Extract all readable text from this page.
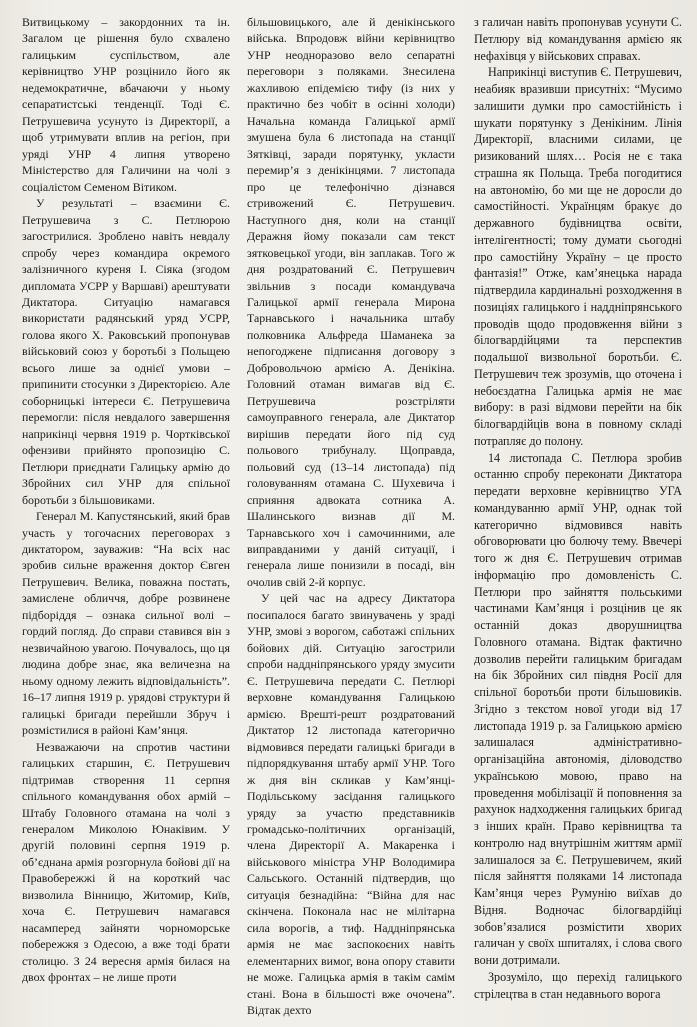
Витвицькому – закордонних та ін. Загалом це рішення було схвалено галицьким суспільством, але керівництво УНР розцінило його як недемократичне, вбачаючи у ньому сепаратистські тенденції. Тоді Є. Петрушевича усунуто із Директорії, а щоб утримувати вплив на регіон, при уряді УНР 4 липня утворено Міністерство для Галичини на чолі з соціалістом Семеном Вітиком.

У результаті – взаємини Є. Петрушевича з С. Петлюрою загострилися. Зроблено навіть невдалу спробу через командира окремого залізничного куреня І. Сіяка (згодом дипломата УСРР у Варшаві) арештувати Диктатора. Ситуацію намагався використати радянський уряд УСРР, голова якого Х. Раковський пропонував військовий союз у боротьбі з Польщею всього лише за однієї умови – припинити стосунки з Директорією. Але соборницькі інтереси Є. Петрушевича перемогли: після невдалого завершення наприкінці червня 1919 р. Чортківської офензиви прийнято пропозицію С. Петлюри приєднати Галицьку армію до Збройних сил УНР для спільної боротьби з більшовиками.

Генерал М. Капустянський, який брав участь у тогочасних переговорах з диктатором, зауважив: “На всіх нас зробив сильне враження доктор Євген Петрушевич. Велика, поважна постать, замислене обличчя, добре розвинене підборіддя – ознака сильної волі – гордий погляд. До справи ставився він з незвичайною увагою. Почувалось, що ця людина добре знає, яка величезна на ньому одному лежить відповідальність”. 16–17 липня 1919 р. урядові структури й галицькі бригади перейшли Збруч і розмістилися в районі Кам’янця.

Незважаючи на спротив частини галицьких старшин, Є. Петрушевич підтримав створення 11 серпня спільного командування обох армій – Штабу Головного отамана на чолі з генералом Миколою Юнаківим. У другій половині серпня 1919 р. об’єднана армія розгорнула бойові дії на Правобережжі й на короткий час визволила Вінницю, Житомир, Київ, хоча Є. Петрушевич намагався насамперед зайняти чорноморське побережжя з Одесою, а вже тоді брати столицю. З 24 вересня армія билася на двох фронтах – не лише проти

більшовицького, але й денікінського війська. Впродовж війни керівництво УНР неодноразово вело сепаратні переговори з поляками. Знесилена жахливою епідемією тифу (із них у практично без чобіт в осінні холоди) Начальна команда Галицької армії змушена була 6 листопада на станції Зятківці, заради порятунку, укласти перемир’я з денікінцями. 7 листопада про це телефонічно дізнався стривожений Є. Петрушевич. Наступного дня, коли на станції Деражня йому показали сам текст зятковецької угоди, він заплакав. Того ж дня роздратований Є. Петрушевич звільнив з посади командувача Галицької армії генерала Мирона Тарнавського і начальника штабу полковника Альфреда Шаманека за непогоджене підписання договору з Добровольчою армією А. Денікіна. Головний отаман вимагав від Є. Петрушевича розстріляти самоуправного генерала, але Диктатор вирішив передати його під суд польового трибуналу. Щоправда, польовий суд (13–14 листопада) під головуванням отамана С. Шухевича і сприяння адвоката сотника А. Шалинського визнав дії М. Тарнавського хоч і самочинними, але виправданими у даній ситуації, і генерала лише понизили в посаді, він очолив свій 2-й корпус.

У цей час на адресу Диктатора посипалося багато звинувачень у зраді УНР, змові з ворогом, саботажі спільних бойових дій. Ситуацію загострили спроби наддніпрянського уряду змусити Є. Петрушевича передати С. Петлюрі верховне командування Галицькою армією. Врешті-решт роздратований Диктатор 12 листопада категорично відмовився передати галицькі бригади в підпорядкування штабу армії УНР. Того ж дня він скликав у Кам’янці-Подільському засідання галицького уряду за участю представників громадсько-політичних організацій, члена Директорії А. Макаренка і військового міністра УНР Володимира Сальського. Останній підтвердив, що ситуація безнадійна: “Війна для нас скінчена. Поконала нас не мілітарна сила ворогів, а тиф. Наддніпрянська армія не має заспокоєних навіть елементарних вимог, вона опору ставити не може. Галицька армія в такім самім стані. Вона в більшості вже очочена”. Відтак дехто

з галичан навіть пропонував усунути С. Петлюру від командування армією як нефахівця у військових справах.

Наприкінці виступив Є. Петрушевич, неабияк вразивши присутніх: “Мусимо залишити думки про самостійність і шукати порятунку з Денікіним. Лінія Директорії, власними силами, це ризикований шлях… Росія не є така страшна як Польща. Треба погодитися на автономію, бо ми ще не доросли до самостійності. Українцям бракує до державного будівництва освіти, інтелігентності; тому думати сьогодні про самостійну Україну – це просто фантазія!” Отже, кам’янецька нарада підтвердила кардинальні розходження в позиціях галицького і наддніпрянського проводів щодо продовження війни з білогвардійцями та перспектив подальшої визвольної боротьби. Є. Петрушевич теж зрозумів, що оточена і небоєздатна Галицька армія не має вибору: в разі відмови перейти на бік білогвардійців вона в повному складі потрапляє до полону.

14 листопада С. Петлюра зробив останню спробу переконати Диктатора передати верховне керівництво УГА командуванню армії УНР, однак той категорично відмовився навіть обговорювати цю болючу тему. Ввечері того ж дня Є. Петрушевич отримав інформацію про домовленість С. Петлюри про зайняття польськими частинами Кам’янця і розцінив це як останній доказ дворушництва Головного отамана. Відтак фактично дозволив перейти галицьким бригадам на бік Збройних сил півдня Росії для спільної боротьби проти більшовиків. Згідно з текстом нової угоди від 17 листопада 1919 р. за Галицькою армією залишалася адміністративно-організаційна автономія, діловодство українською мовою, право на проведення мобілізації й поповнення за рахунок надходження галицьких бригад з інших країн. Право керівництва та контролю над внутрішнім життям армії залишалося за Є. Петрушевичем, який після зайняття поляками 14 листопада Кам’янця через Румунію виїхав до Відня. Водночас білогвардійці зобов’язалися розмістити хворих галичан у своїх шпиталях, і слова свого вони дотримали.

Зрозуміло, що перехід галицького стрілецтва в стан недавнього ворога
